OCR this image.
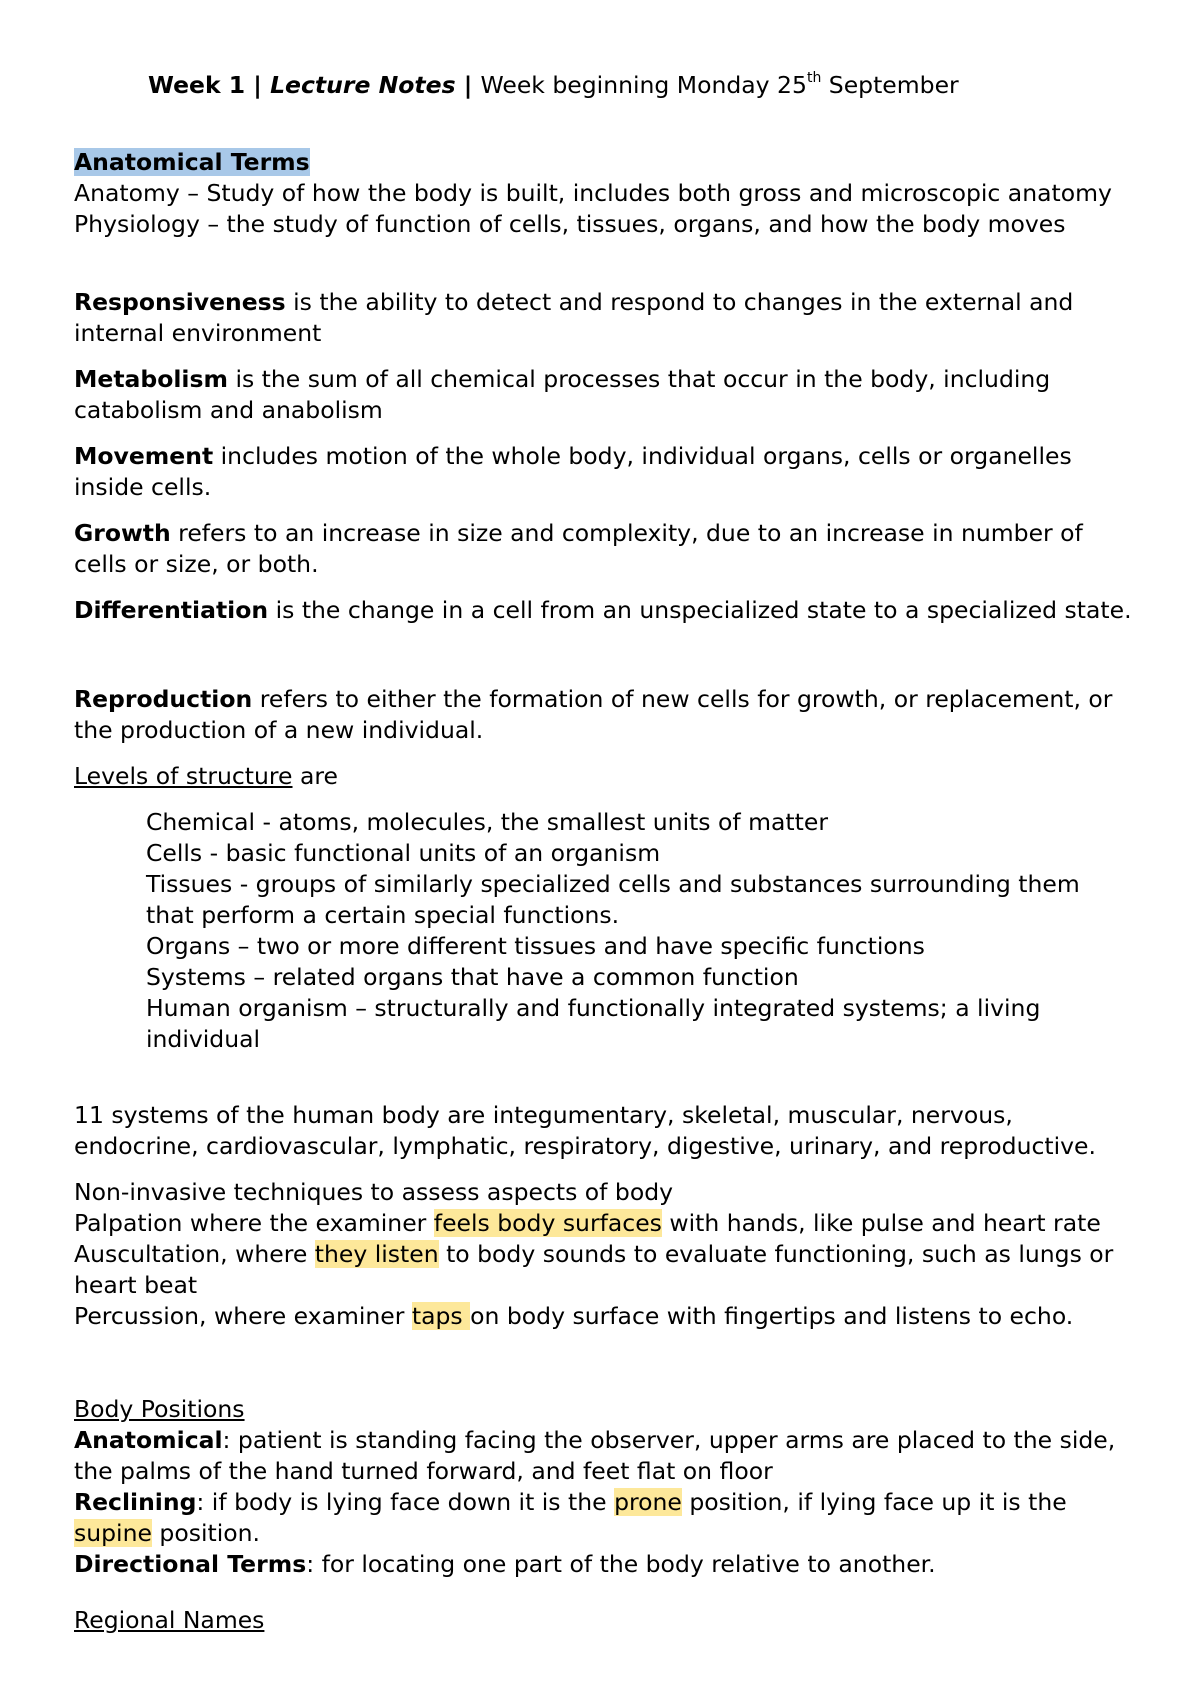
Week 1 | Lecture Notes | Week beginning Monday 25th September

Anatomical Terms

Anatomy – Study of how the body is built, includes both gross and microscopic anatomy

Physiology – the study of function of cells, tissues, organs, and how the body moves

Responsiveness is the ability to detect and respond to changes in the external and internal environment

Metabolism is the sum of all chemical processes that occur in the body, including catabolism and anabolism

Movement includes motion of the whole body, individual organs, cells or organelles inside cells.

Growth refers to an increase in size and complexity, due to an increase in number of cells or size, or both.

Differentiation is the change in a cell from an unspecialized state to a specialized state.

Reproduction refers to either the formation of new cells for growth, or replacement, or the production of a new individual.

Levels of structure are

Chemical - atoms, molecules, the smallest units of matter

Cells - basic functional units of an organism

Tissues - groups of similarly specialized cells and substances surrounding them that perform a certain special functions.

Organs – two or more different tissues and have specific functions

Systems – related organs that have a common function

Human organism – structurally and functionally integrated systems; a living individual

11 systems of the human body are integumentary, skeletal, muscular, nervous, endocrine, cardiovascular, lymphatic, respiratory, digestive, urinary, and reproductive.

Non-invasive techniques to assess aspects of body

Palpation where the examiner feels body surfaces with hands, like pulse and heart rate

Auscultation, where they listen to body sounds to evaluate functioning, such as lungs or heart beat

Percussion, where examiner taps on body surface with fingertips and listens to echo.

Body Positions

Anatomical: patient is standing facing the observer, upper arms are placed to the side, the palms of the hand turned forward, and feet flat on floor

Reclining: if body is lying face down it is the prone position, if lying face up it is the supine position.

Directional Terms: for locating one part of the body relative to another.

Regional Names
